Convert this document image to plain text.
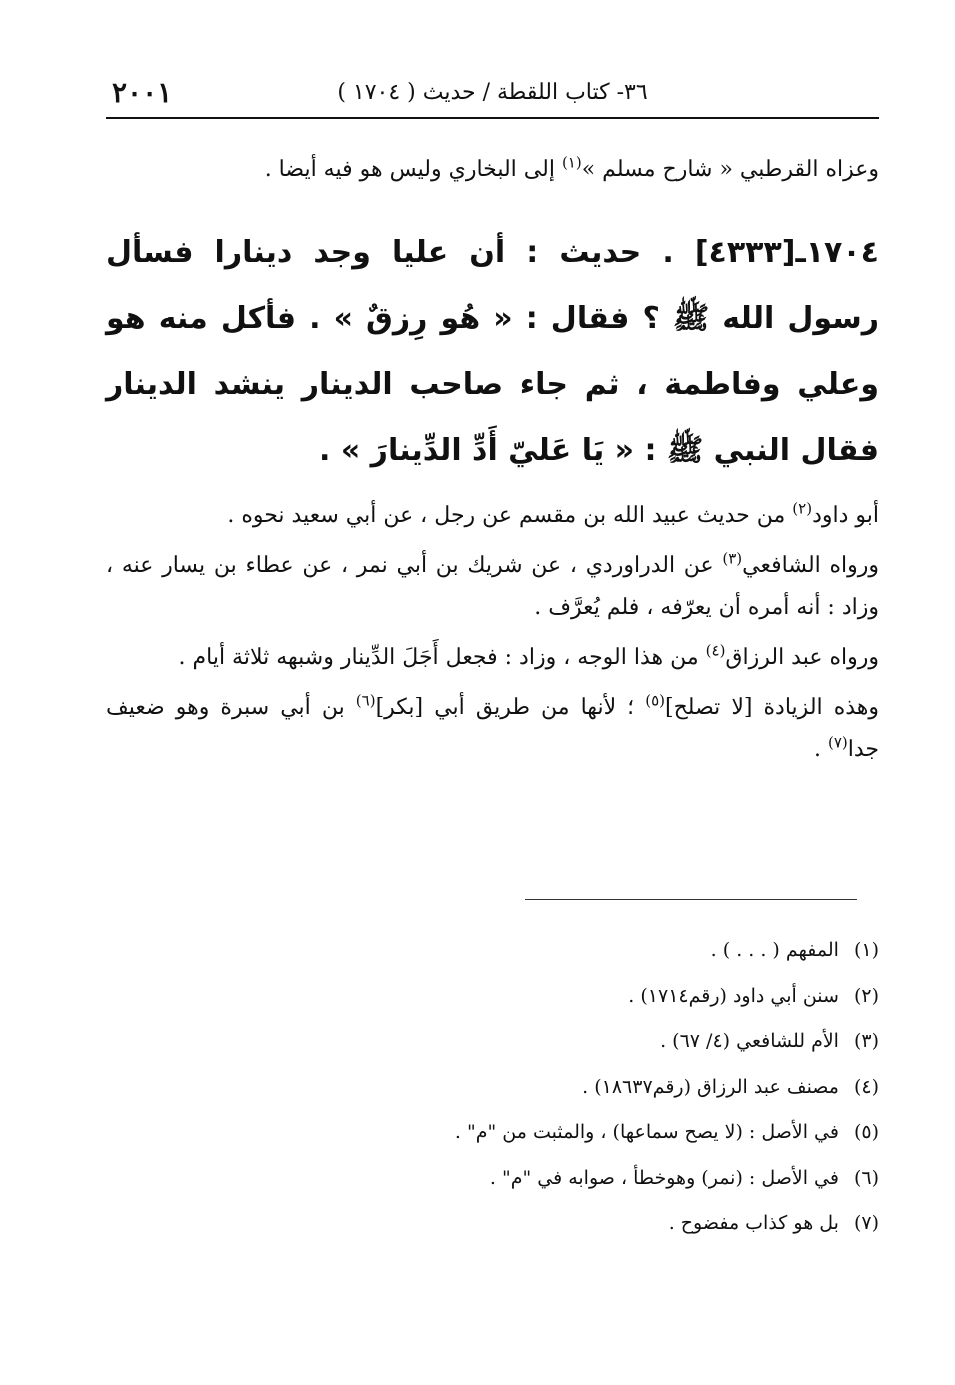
٣٦- كتاب اللقطة / حديث ( ١٧٠٤ )
٢٠٠١
وعزاه القرطبي « شارح مسلم »$^{(١)}$ إلى البخاري وليس هو فيه أيضا .
١٧٠٤ـ[٤٣٣٣] . حديث : أن عليا وجد دينارا فسأل رسول الله ﷺ ؟ فقال : « هُو رِزقٌ » . فأكل منه هو وعلي وفاطمة ، ثم جاء صاحب الدينار ينشد الدينار فقال النبي ﷺ : « يَا عَليّ أَدِّ الدِّينارَ » .

أبو داود$^{(٢)}$ من حديث عبيد الله بن مقسم عن رجل ، عن أبي سعيد نحوه .

ورواه الشافعي$^{(٣)}$ عن الدراوردي ، عن شريك بن أبي نمر ، عن عطاء بن يسار عنه ، وزاد : أنه أمره أن يعرّفه ، فلم يُعرَّف .

ورواه عبد الرزاق$^{(٤)}$ من هذا الوجه ، وزاد : فجعل أَجَلَ الدِّينار وشبهه ثلاثة أيام .

وهذه الزيادة [لا تصلح]$^{(٥)}$ ؛ لأنها من طريق أبي [بكر]$^{(٦)}$ بن أبي سبرة وهو ضعيف جدا$^{(٧)}$ .

(١) المفهم ( . . . ) .
(٢) سنن أبي داود (رقم١٧١٤) .
(٣) الأم للشافعي (٤/ ٦٧) .
(٤) مصنف عبد الرزاق (رقم١٨٦٣٧) .
(٥) في الأصل : (لا يصح سماعها) ، والمثبت من "م" .
(٦) في الأصل : (نمر) وهوخطأ ، صوابه في "م" .
(٧) بل هو كذاب مفضوح .
